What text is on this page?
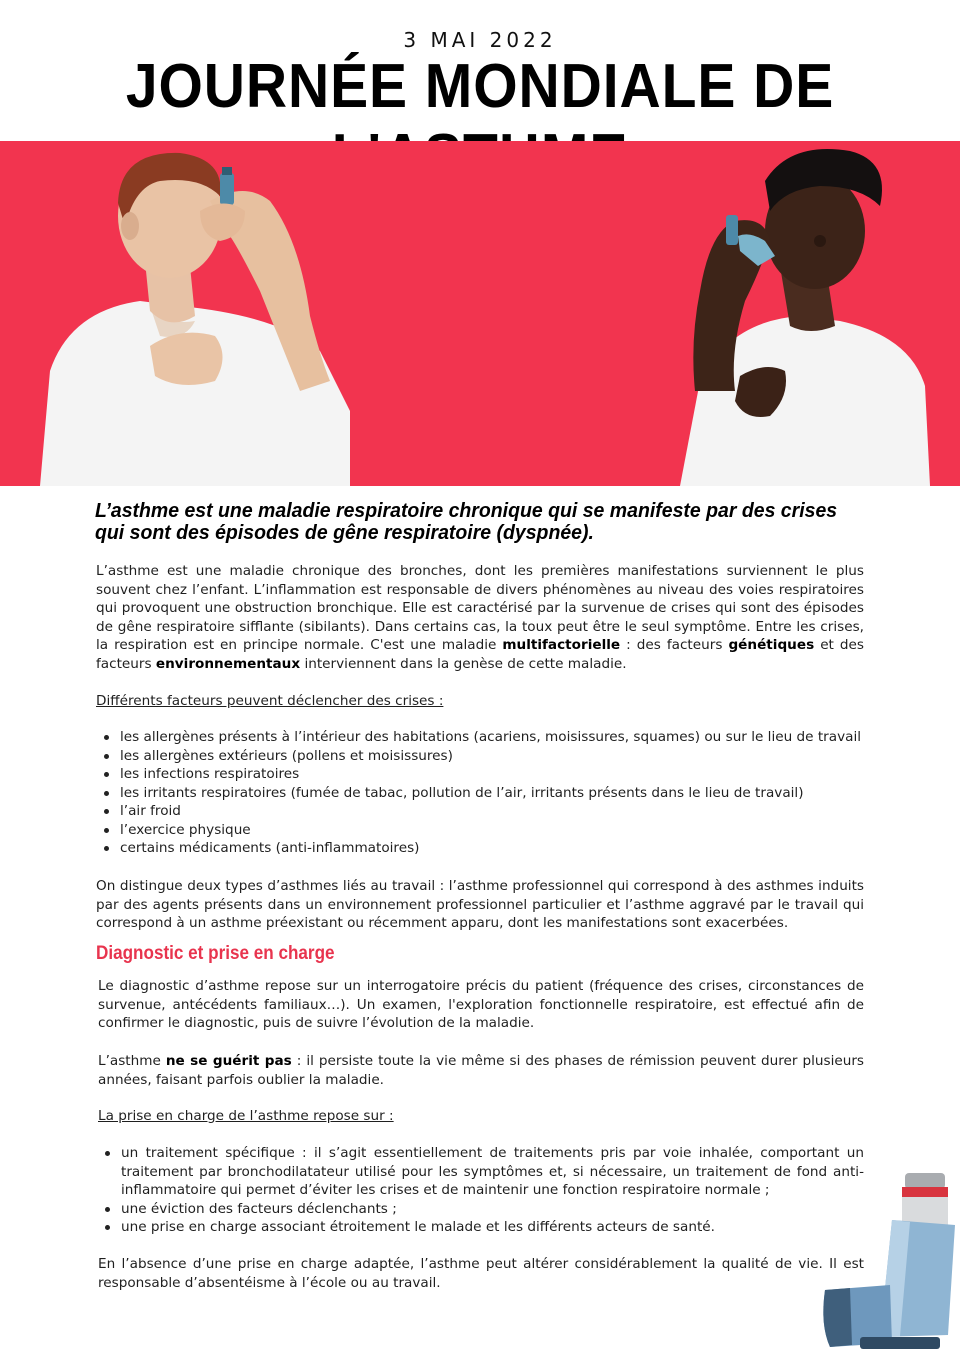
3 MAI 2022
JOURNÉE MONDIALE DE
L’asthme est une maladie respiratoire chronique qui se manifeste par des crises qui sont des épisodes de gêne respiratoire (dyspnée).
L’asthme est une maladie chronique des bronches, dont les premières manifestations surviennent le plus souvent chez l’enfant. L’inflammation est responsable de divers phénomènes au niveau des voies respiratoires qui provoquent une obstruction bronchique. Elle est caractérisé par la survenue de crises qui sont des épisodes de gêne respiratoire sifflante (sibilants). Dans certains cas, la toux peut être le seul symptôme. Entre les crises, la respiration est en principe normale. C'est une maladie multifactorielle : des facteurs génétiques et des facteurs environnementaux interviennent dans la genèse de cette maladie.
Différents facteurs peuvent déclencher des crises :
les allergènes présents à l’intérieur des habitations (acariens, moisissures, squames) ou sur le lieu de travail
les allergènes extérieurs (pollens et moisissures)
les infections respiratoires
les irritants respiratoires (fumée de tabac, pollution de l’air, irritants présents dans le lieu de travail)
l’air froid
l’exercice physique
certains médicaments (anti-inflammatoires)
On distingue deux types d’asthmes liés au travail : l’asthme professionnel qui correspond à des asthmes induits par des agents présents dans un environnement professionnel particulier et l’asthme aggravé par le travail qui correspond à un asthme préexistant ou récemment apparu, dont les manifestations sont exacerbées.
Diagnostic et prise en charge
Le diagnostic d’asthme repose sur un interrogatoire précis du patient (fréquence des crises, circonstances de survenue, antécédents familiaux…). Un examen, l'exploration fonctionnelle respiratoire, est effectué afin de confirmer le diagnostic, puis de suivre l’évolution de la maladie.
L’asthme ne se guérit pas : il persiste toute la vie même si des phases de rémission peuvent durer plusieurs années, faisant parfois oublier la maladie.
La prise en charge de l’asthme repose sur :
un traitement spécifique : il s’agit essentiellement de traitements pris par voie inhalée, comportant un traitement par bronchodilatateur utilisé pour les symptômes et, si nécessaire, un traitement de fond anti-inflammatoire qui permet d’éviter les crises et de maintenir une fonction respiratoire normale ;
une éviction des facteurs déclenchants ;
une prise en charge associant étroitement le malade et les différents acteurs de santé.
En l’absence d’une prise en charge adaptée, l’asthme peut altérer considérablement la qualité de vie. Il est responsable d’absentéisme à l’école ou au travail.
